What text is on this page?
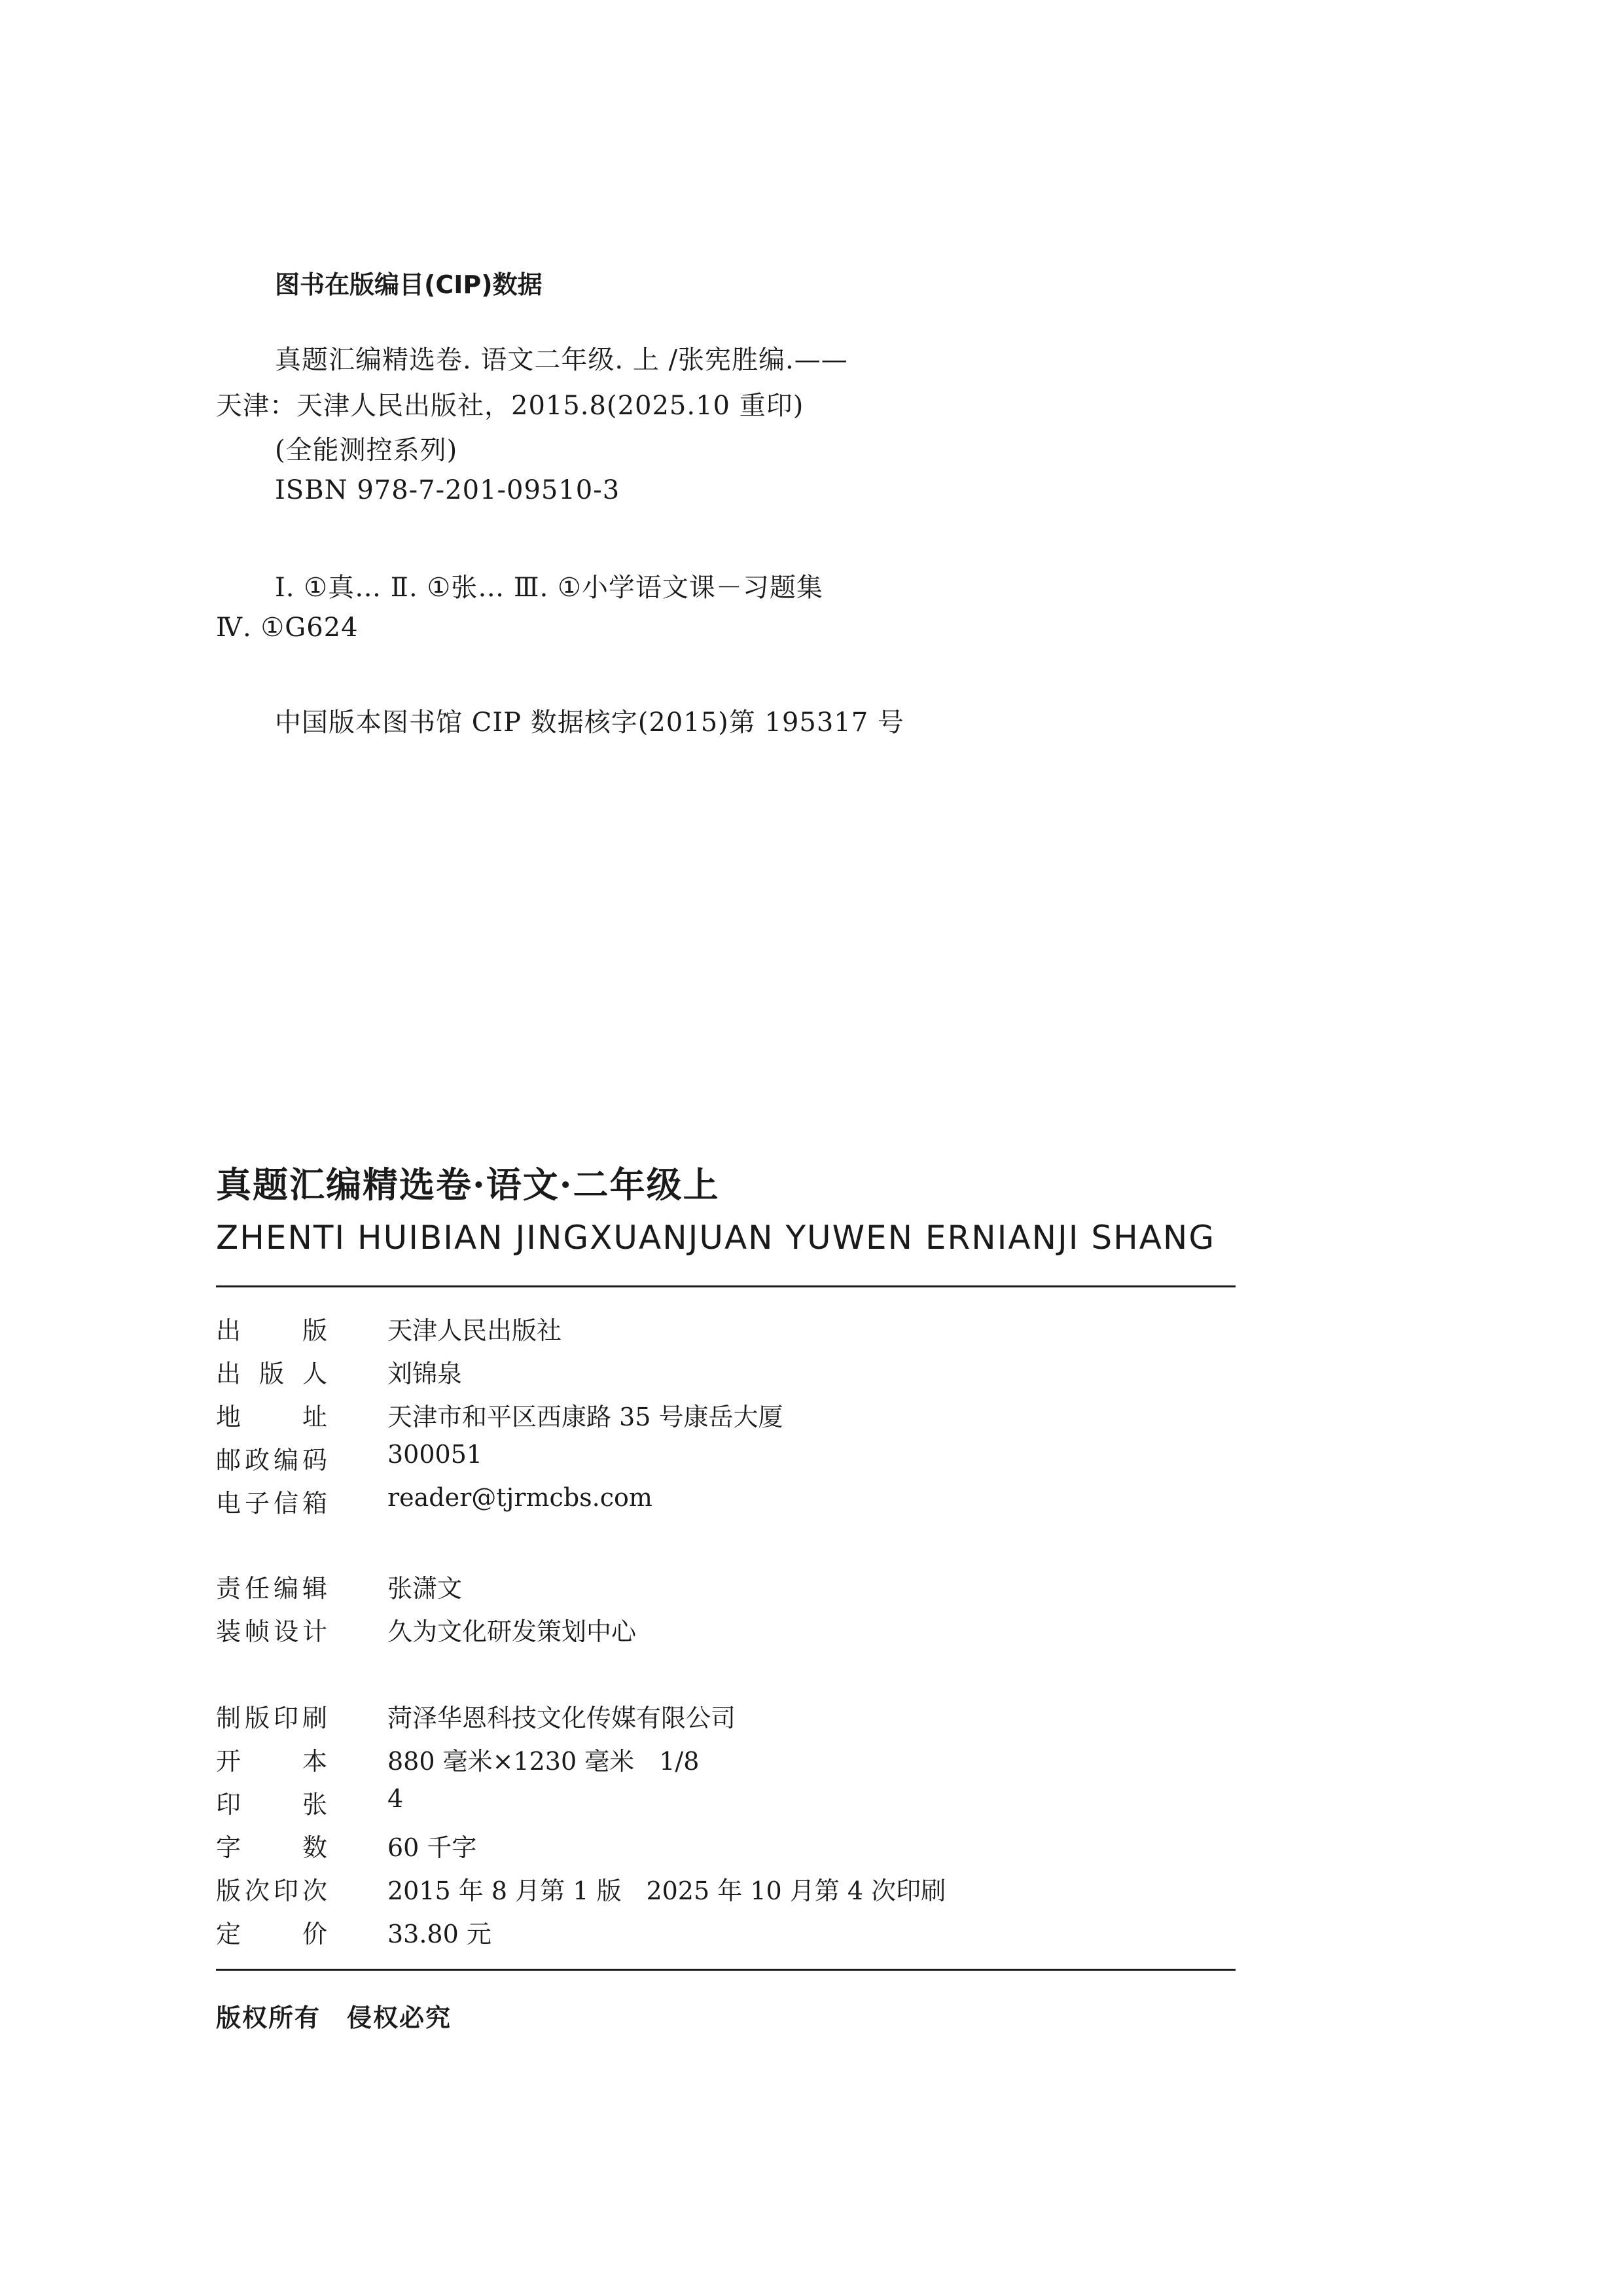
图书在版编目(CIP)数据
真题汇编精选卷. 语文二年级. 上 /张宪胜编.——
天津：天津人民出版社，2015.8(2025.10 重印)
(全能测控系列)
ISBN 978-7-201-09510-3
Ⅰ. ①真… Ⅱ. ①张… Ⅲ. ①小学语文课－习题集
Ⅳ. ①G624
中国版本图书馆 CIP 数据核字(2015)第 195317 号
真题汇编精选卷·语文·二年级上
ZHENTI HUIBIAN JINGXUANJUAN YUWEN ERNIANJI SHANG
出版 天津人民出版社
出版人 刘锦泉
地址 天津市和平区西康路 35 号康岳大厦
邮政编码 300051
电子信箱 reader@tjrmcbs.com
责任编辑 张潇文
装帧设计 久为文化研发策划中心
制版印刷 菏泽华恩科技文化传媒有限公司
开本 880 毫米×1230 毫米　1/8
印张 4
字数 60 千字
版次印次 2015 年 8 月第 1 版　2025 年 10 月第 4 次印刷
定价 33.80 元
版权所有　侵权必究
